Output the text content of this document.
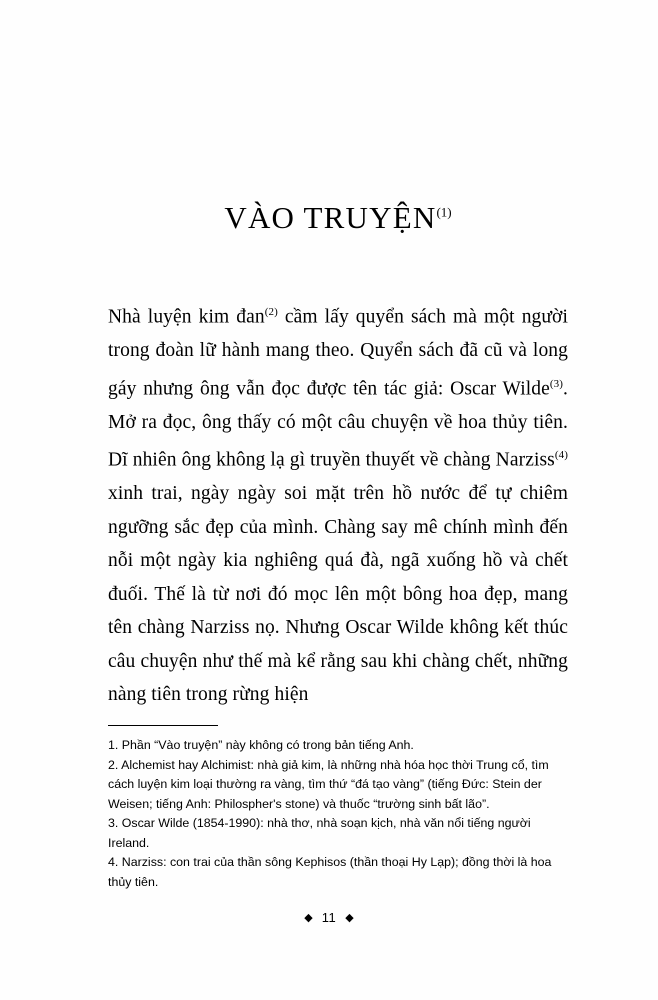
VÀO TRUYỆN$^{(1)}$

Nhà luyện kim đan$^{(2)}$ cầm lấy quyển sách mà một người trong đoàn lữ hành mang theo. Quyển sách đã cũ và long gáy nhưng ông vẫn đọc được tên tác giả: Oscar Wilde$^{(3)}$. Mở ra đọc, ông thấy có một câu chuyện về hoa thủy tiên. Dĩ nhiên ông không lạ gì truyền thuyết về chàng Narziss$^{(4)}$ xinh trai, ngày ngày soi mặt trên hồ nước để tự chiêm ngưỡng sắc đẹp của mình. Chàng say mê chính mình đến nỗi một ngày kia nghiêng quá đà, ngã xuống hồ và chết đuối. Thế là từ nơi đó mọc lên một bông hoa đẹp, mang tên chàng Narziss nọ. Nhưng Oscar Wilde không kết thúc câu chuyện như thế mà kể rằng sau khi chàng chết, những nàng tiên trong rừng hiện

1. Phần “Vào truyện” này không có trong bản tiếng Anh.
2. Alchemist hay Alchimist: nhà giả kim, là những nhà hóa học thời Trung cổ, tìm cách luyện kim loại thường ra vàng, tìm thứ “đá tạo vàng” (tiếng Đức: Stein der Weisen; tiếng Anh: Philospher's stone) và thuốc “trường sinh bất lão”.
3. Oscar Wilde (1854-1990): nhà thơ, nhà soạn kịch, nhà văn nổi tiếng người Ireland.
4. Narziss: con trai của thần sông Kephisos (thần thoại Hy Lạp); đồng thời là hoa thủy tiên.
◆ 11 ◆
